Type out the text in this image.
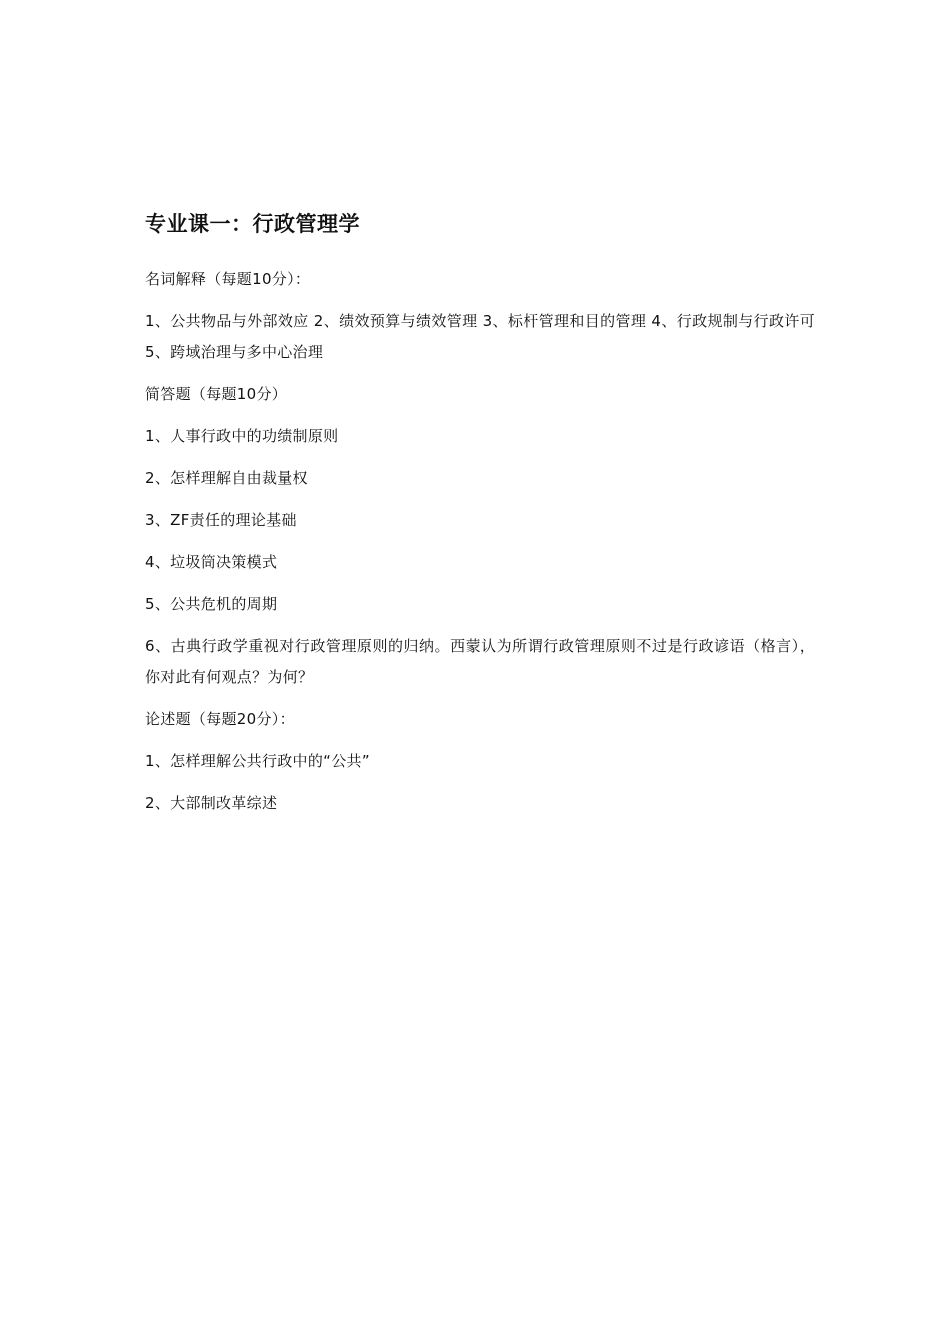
专业课一：行政管理学
名词解释（每题10分）：
1、公共物品与外部效应 2、绩效预算与绩效管理 3、标杆管理和目的管理 4、行政规制与行政许可 5、跨域治理与多中心治理
简答题（每题10分）
1、人事行政中的功绩制原则
2、怎样理解自由裁量权
3、ZF责任的理论基础
4、垃圾筒决策模式
5、公共危机的周期
6、古典行政学重视对行政管理原则的归纳。西蒙认为所谓行政管理原则不过是行政谚语（格言），你对此有何观点？为何？
论述题（每题20分）：
1、怎样理解公共行政中的“公共”
2、大部制改革综述
